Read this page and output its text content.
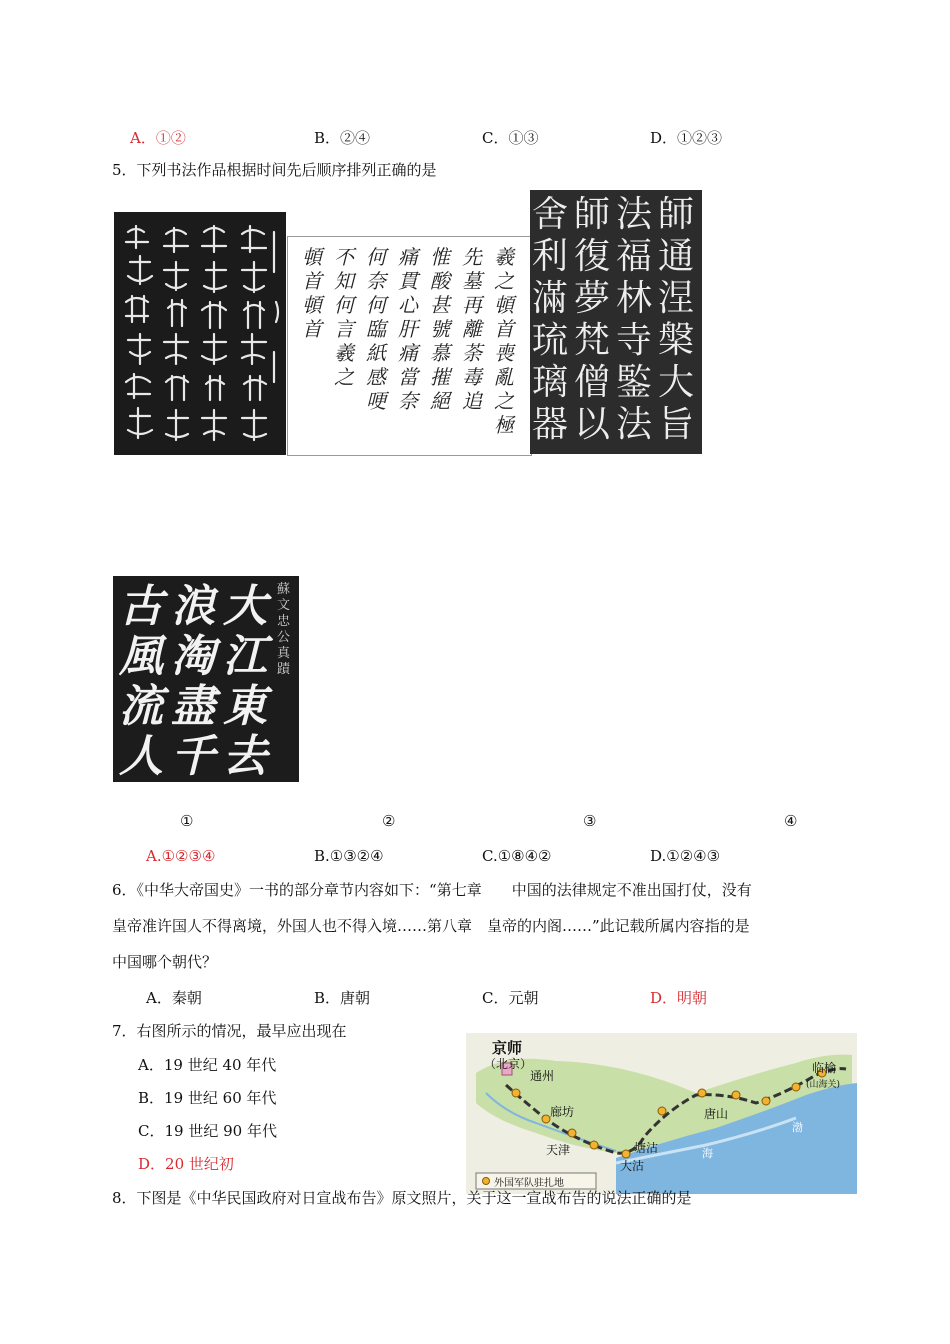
A．①②	B．②④	C．①③	D．①②③
5．下列书法作品根据时间先后顺序排列正确的是
羲之頓首喪亂之極
先墓再離荼毒追
惟酸甚號慕摧絕
痛貫心肝痛當奈
何奈何臨紙感哽
不知何言羲之
頓首頓首
師通涅槃大旨
法福林寺鍳法
師復夢梵僧以
舍利滿琉璃器
大江東去
浪淘盡千
古風流人
蘇文忠公真蹟
①	②	③	④
A.①②③④	B.①③②④	C.①⑧④②	D.①②④③
6．《中华大帝国史》一书的部分章节内容如下：“第七章　　中国的法律规定不准出国打仗，没有
皇帝准许国人不得离境，外国人也不得入境……第八章　皇帝的内阁……”此记载所属内容指的是
中国哪个朝代？
A．秦朝	B．唐朝	C．元朝	D．明朝
7．右图所示的情况，最早应出现在
A．19 世纪 40 年代
B．19 世纪 60 年代
C．19 世纪 90 年代
D．20 世纪初
京师
（北京）
通州
廊坊	唐山
天津	塘沽
大沽
临榆
(山海关)
渤
海
外国军队驻扎地
8．下图是《中华民国政府对日宣战布告》原文照片，关于这一宣战布告的说法正确的是
